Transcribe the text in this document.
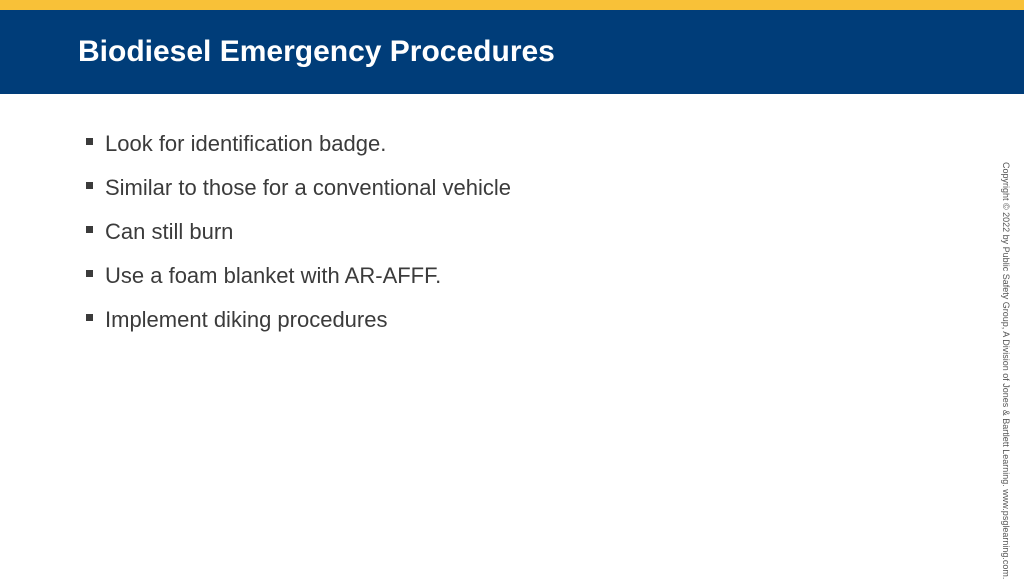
Biodiesel Emergency Procedures
Look for identification badge.
Similar to those for a conventional vehicle
Can still burn
Use a foam blanket with AR-AFFF.
Implement diking procedures	Copyright © 2022 by Public Safety Group, A Division of Jones & Bartlett Learning. www.psglearning.com.
